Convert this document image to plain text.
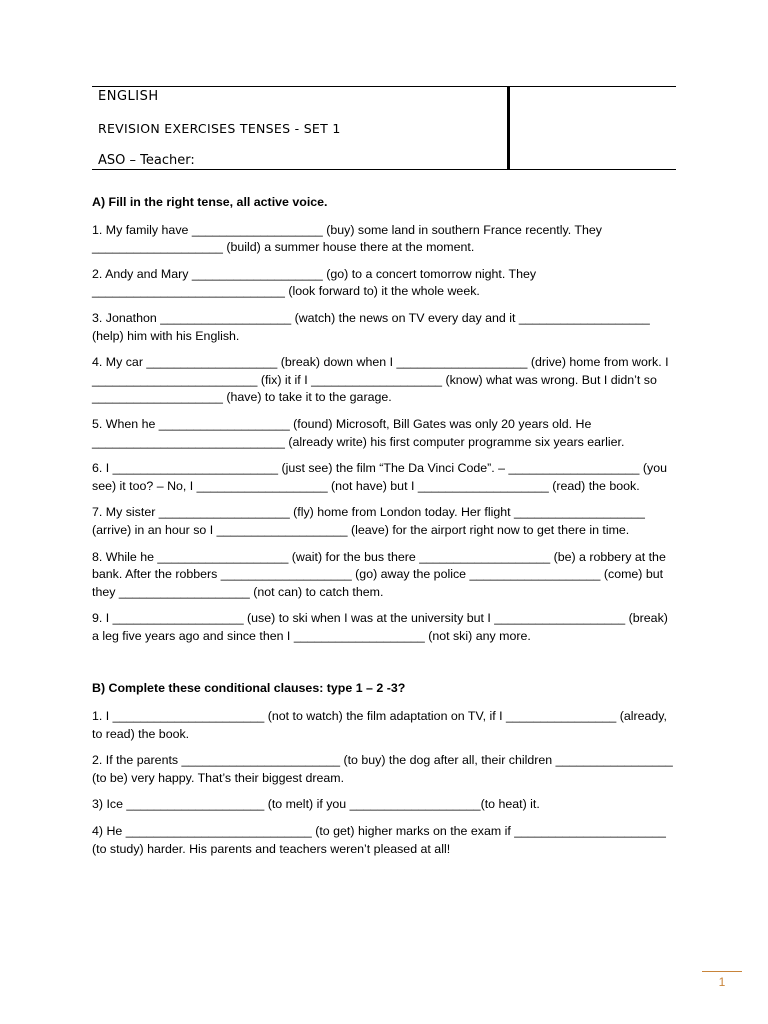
ENGLISH
REVISION EXERCISES TENSES - SET 1
ASO – Teacher:
A) Fill in the right tense, all active voice.
1. My family have ___________________ (buy) some land in southern France recently. They ___________________ (build) a summer house there at the moment.
2. Andy and Mary ___________________ (go) to a concert tomorrow night. They ____________________________ (look forward to) it the whole week.
3. Jonathon ___________________ (watch) the news on TV every day and it ___________________ (help) him with his English.
4. My car ___________________ (break) down when I ___________________ (drive) home from work. I ________________________ (fix) it if I ___________________ (know) what was wrong. But I didn’t so ___________________ (have) to take it to the garage.
5. When he ___________________ (found) Microsoft, Bill Gates was only 20 years old. He ____________________________ (already write) his first computer programme six years earlier.
6. I ________________________ (just see) the film “The Da Vinci Code”. – ___________________ (you see) it too? – No, I ___________________ (not have) but I ___________________ (read) the book.
7. My sister ___________________ (fly) home from London today. Her flight ___________________ (arrive) in an hour so I ___________________ (leave) for the airport right now to get there in time.
8. While he ___________________ (wait) for the bus there ___________________ (be) a robbery at the bank. After the robbers ___________________ (go) away the police ___________________ (come) but they ___________________ (not can) to catch them.
9. I ___________________ (use) to ski when I was at the university but I ___________________ (break) a leg five years ago and since then I ___________________ (not ski) any more.
B) Complete these conditional clauses: type 1 – 2 -3?
1. I ______________________ (not to watch) the film adaptation on TV, if I ________________ (already, to read) the book.
2. If the parents _______________________ (to buy) the dog after all, their children _________________ (to be) very happy. That’s their biggest dream.
3) Ice ____________________ (to melt) if you ___________________(to heat) it.
4) He ___________________________ (to get) higher marks on the exam if ______________________ (to study) harder. His parents and teachers weren’t pleased at all!
1
